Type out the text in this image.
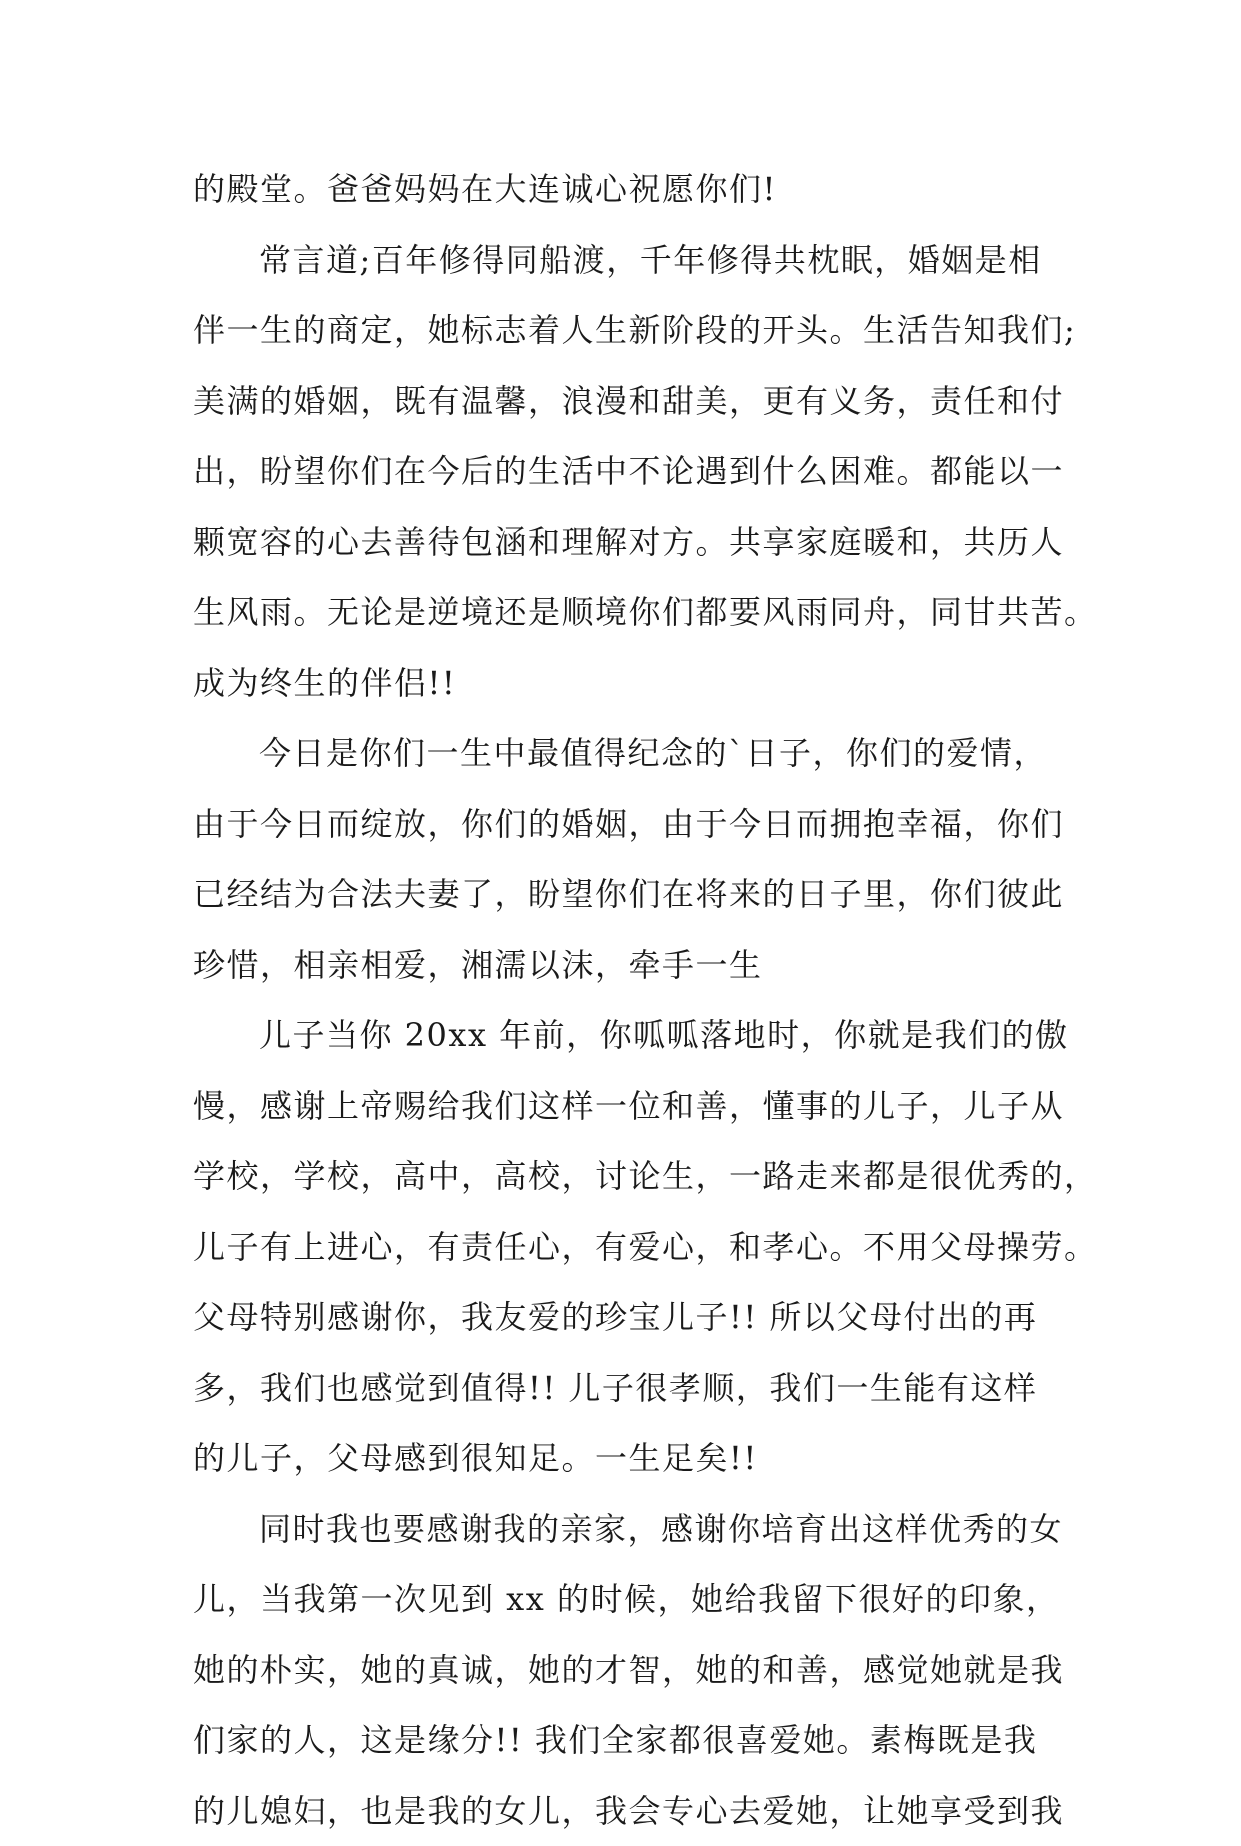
的殿堂。爸爸妈妈在大连诚心祝愿你们!
常言道;百年修得同船渡，千年修得共枕眠，婚姻是相
伴一生的商定，她标志着人生新阶段的开头。生活告知我们;
美满的婚姻，既有温馨，浪漫和甜美，更有义务，责任和付
出，盼望你们在今后的生活中不论遇到什么困难。都能以一
颗宽容的心去善待包涵和理解对方。共享家庭暖和，共历人
生风雨。无论是逆境还是顺境你们都要风雨同舟，同甘共苦。
成为终生的伴侣!!
今日是你们一生中最值得纪念的`日子，你们的爱情，
由于今日而绽放，你们的婚姻，由于今日而拥抱幸福，你们
已经结为合法夫妻了，盼望你们在将来的日子里，你们彼此
珍惜，相亲相爱，湘濡以沫，牵手一生
儿子当你 20xx 年前，你呱呱落地时，你就是我们的傲
慢，感谢上帝赐给我们这样一位和善，懂事的儿子，儿子从
学校，学校，高中，高校，讨论生，一路走来都是很优秀的，
儿子有上进心，有责任心，有爱心，和孝心。不用父母操劳。
父母特别感谢你，我友爱的珍宝儿子!! 所以父母付出的再
多，我们也感觉到值得!! 儿子很孝顺，我们一生能有这样
的儿子，父母感到很知足。一生足矣!!
同时我也要感谢我的亲家，感谢你培育出这样优秀的女
儿，当我第一次见到 xx 的时候，她给我留下很好的印象，
她的朴实，她的真诚，她的才智，她的和善，感觉她就是我
们家的人，这是缘分!! 我们全家都很喜爱她。素梅既是我
的儿媳妇，也是我的女儿，我会专心去爱她，让她享受到我
